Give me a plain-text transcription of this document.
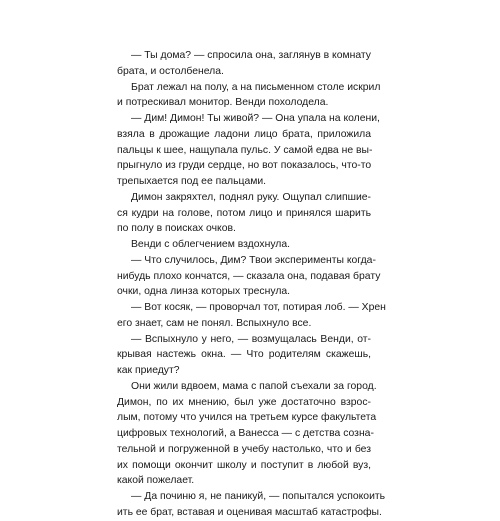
— Ты дома? — спросила она, заглянув в комнату
брата, и остолбенела.
Брат лежал на полу, а на письменном столе искрил
и потрескивал монитор. Венди похолодела.
— Дим! Димон! Ты живой? — Она упала на колени,
взяла в дрожащие ладони лицо брата, приложила
пальцы к шее, нащупала пульс. У самой едва не вы-
прыгнуло из груди сердце, но вот показалось, что-то
трепыхается под ее пальцами.
Димон закряхтел, поднял руку. Ощупал слипшие-
ся кудри на голове, потом лицо и принялся шарить
по полу в поисках очков.
Венди с облегчением вздохнула.
— Что случилось, Дим? Твои эксперименты когда-
нибудь плохо кончатся, — сказала она, подавая брату
очки, одна линза которых треснула.
— Вот косяк, — проворчал тот, потирая лоб. — Хрен
его знает, сам не понял. Вспыхнуло все.
— Вспыхнуло у него, — возмущалась Венди, от-
крывая настежь окна. — Что родителям скажешь,
как приедут?
Они жили вдвоем, мама с папой съехали за город.
Димон, по их мнению, был уже достаточно взрос-
лым, потому что учился на третьем курсе факультета
цифровых технологий, а Ванесса — с детства созна-
тельной и погруженной в учебу настолько, что и без
их помощи окончит школу и поступит в любой вуз,
какой пожелает.
— Да починю я, не паникуй, — попытался успокоить
ить ее брат, вставая и оценивая масштаб катастрофы.
